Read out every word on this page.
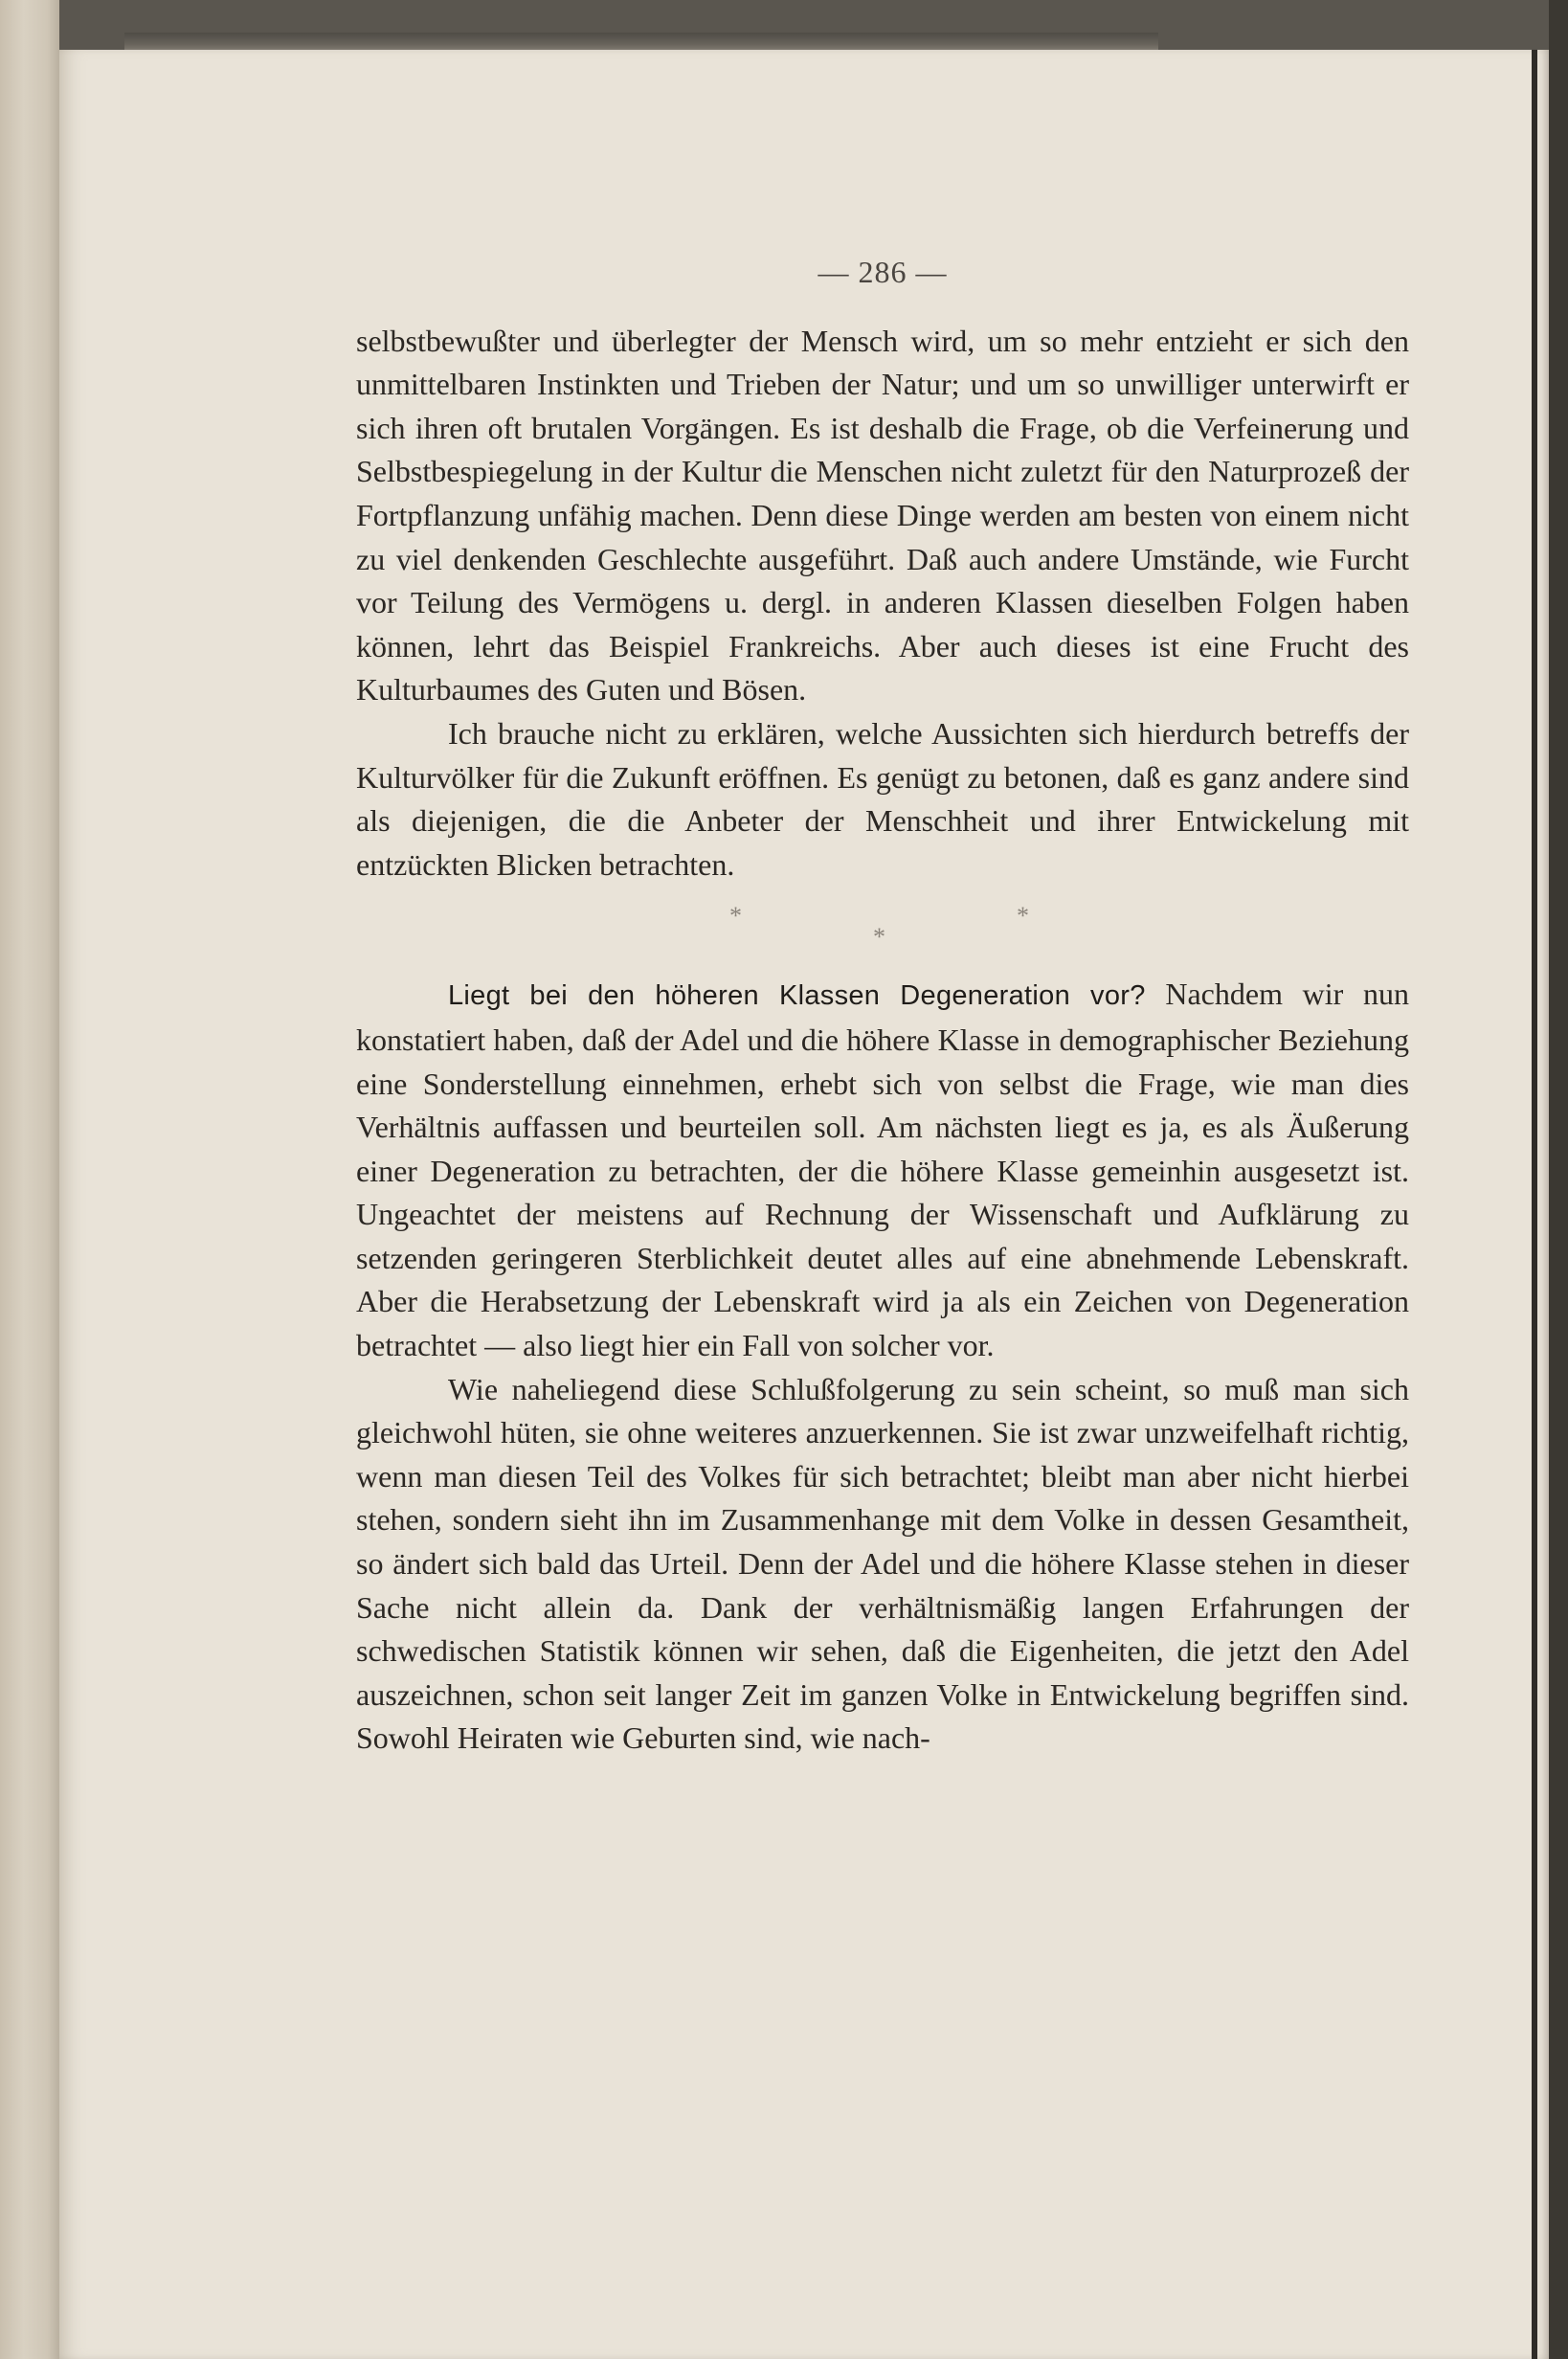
— 286 —

selbstbewußter und überlegter der Mensch wird, um so mehr entzieht er sich den unmittelbaren Instinkten und Trieben der Natur; und um so unwilliger unterwirft er sich ihren oft brutalen Vorgängen. Es ist deshalb die Frage, ob die Verfeinerung und Selbstbespiegelung in der Kultur die Menschen nicht zuletzt für den Naturprozeß der Fortpflanzung unfähig machen. Denn diese Dinge werden am besten von einem nicht zu viel denkenden Geschlechte ausgeführt. Daß auch andere Umstände, wie Furcht vor Teilung des Vermögens u. dergl. in anderen Klassen dieselben Folgen haben können, lehrt das Beispiel Frankreichs. Aber auch dieses ist eine Frucht des Kulturbaumes des Guten und Bösen.

Ich brauche nicht zu erklären, welche Aussichten sich hierdurch betreffs der Kulturvölker für die Zukunft eröffnen. Es genügt zu betonen, daß es ganz andere sind als diejenigen, die die Anbeter der Menschheit und ihrer Entwickelung mit entzückten Blicken betrachten.

*	*
*

Liegt bei den höheren Klassen Degeneration vor? Nachdem wir nun konstatiert haben, daß der Adel und die höhere Klasse in demographischer Beziehung eine Sonderstellung einnehmen, erhebt sich von selbst die Frage, wie man dies Verhältnis auffassen und beurteilen soll. Am nächsten liegt es ja, es als Äußerung einer Degeneration zu betrachten, der die höhere Klasse gemeinhin ausgesetzt ist. Ungeachtet der meistens auf Rechnung der Wissenschaft und Aufklärung zu setzenden geringeren Sterblichkeit deutet alles auf eine abnehmende Lebenskraft. Aber die Herabsetzung der Lebenskraft wird ja als ein Zeichen von Degeneration betrachtet — also liegt hier ein Fall von solcher vor.

Wie naheliegend diese Schlußfolgerung zu sein scheint, so muß man sich gleichwohl hüten, sie ohne weiteres anzuerkennen. Sie ist zwar unzweifelhaft richtig, wenn man diesen Teil des Volkes für sich betrachtet; bleibt man aber nicht hierbei stehen, sondern sieht ihn im Zusammenhange mit dem Volke in dessen Gesamtheit, so ändert sich bald das Urteil. Denn der Adel und die höhere Klasse stehen in dieser Sache nicht allein da. Dank der verhältnismäßig langen Erfahrungen der schwedischen Statistik können wir sehen, daß die Eigenheiten, die jetzt den Adel auszeichnen, schon seit langer Zeit im ganzen Volke in Entwickelung begriffen sind. Sowohl Heiraten wie Geburten sind, wie nach-
